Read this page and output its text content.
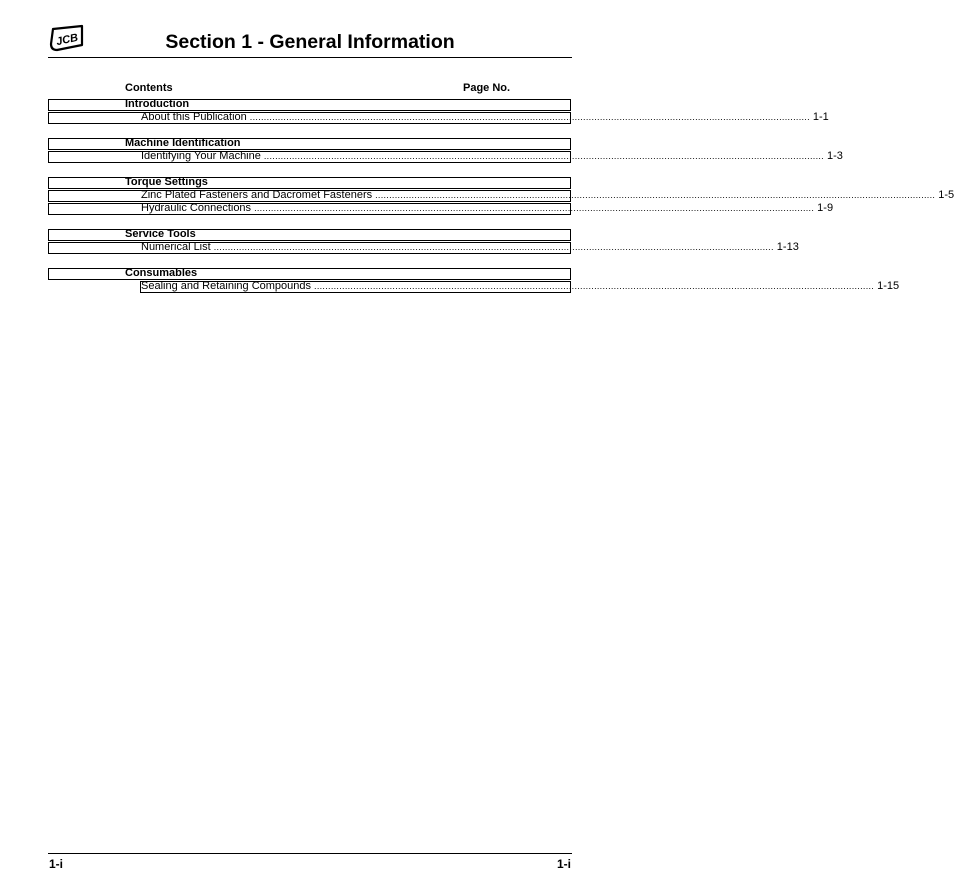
JCB	Section 1 - General Information
Contents	Page No.
Introduction
About this Publication ........................................................................................................................................................................................................ 1-1
Machine Identification
Identifying Your Machine ........................................................................................................................................................................................................ 1-3
Torque Settings
Zinc Plated Fasteners and Dacromet Fasteners ........................................................................................................................................................................................................ 1-5
Hydraulic Connections ........................................................................................................................................................................................................ 1-9
Service Tools
Numerical List ........................................................................................................................................................................................................ 1-13
Consumables
Sealing and Retaining Compounds ........................................................................................................................................................................................................ 1-15
1-i	1-i
